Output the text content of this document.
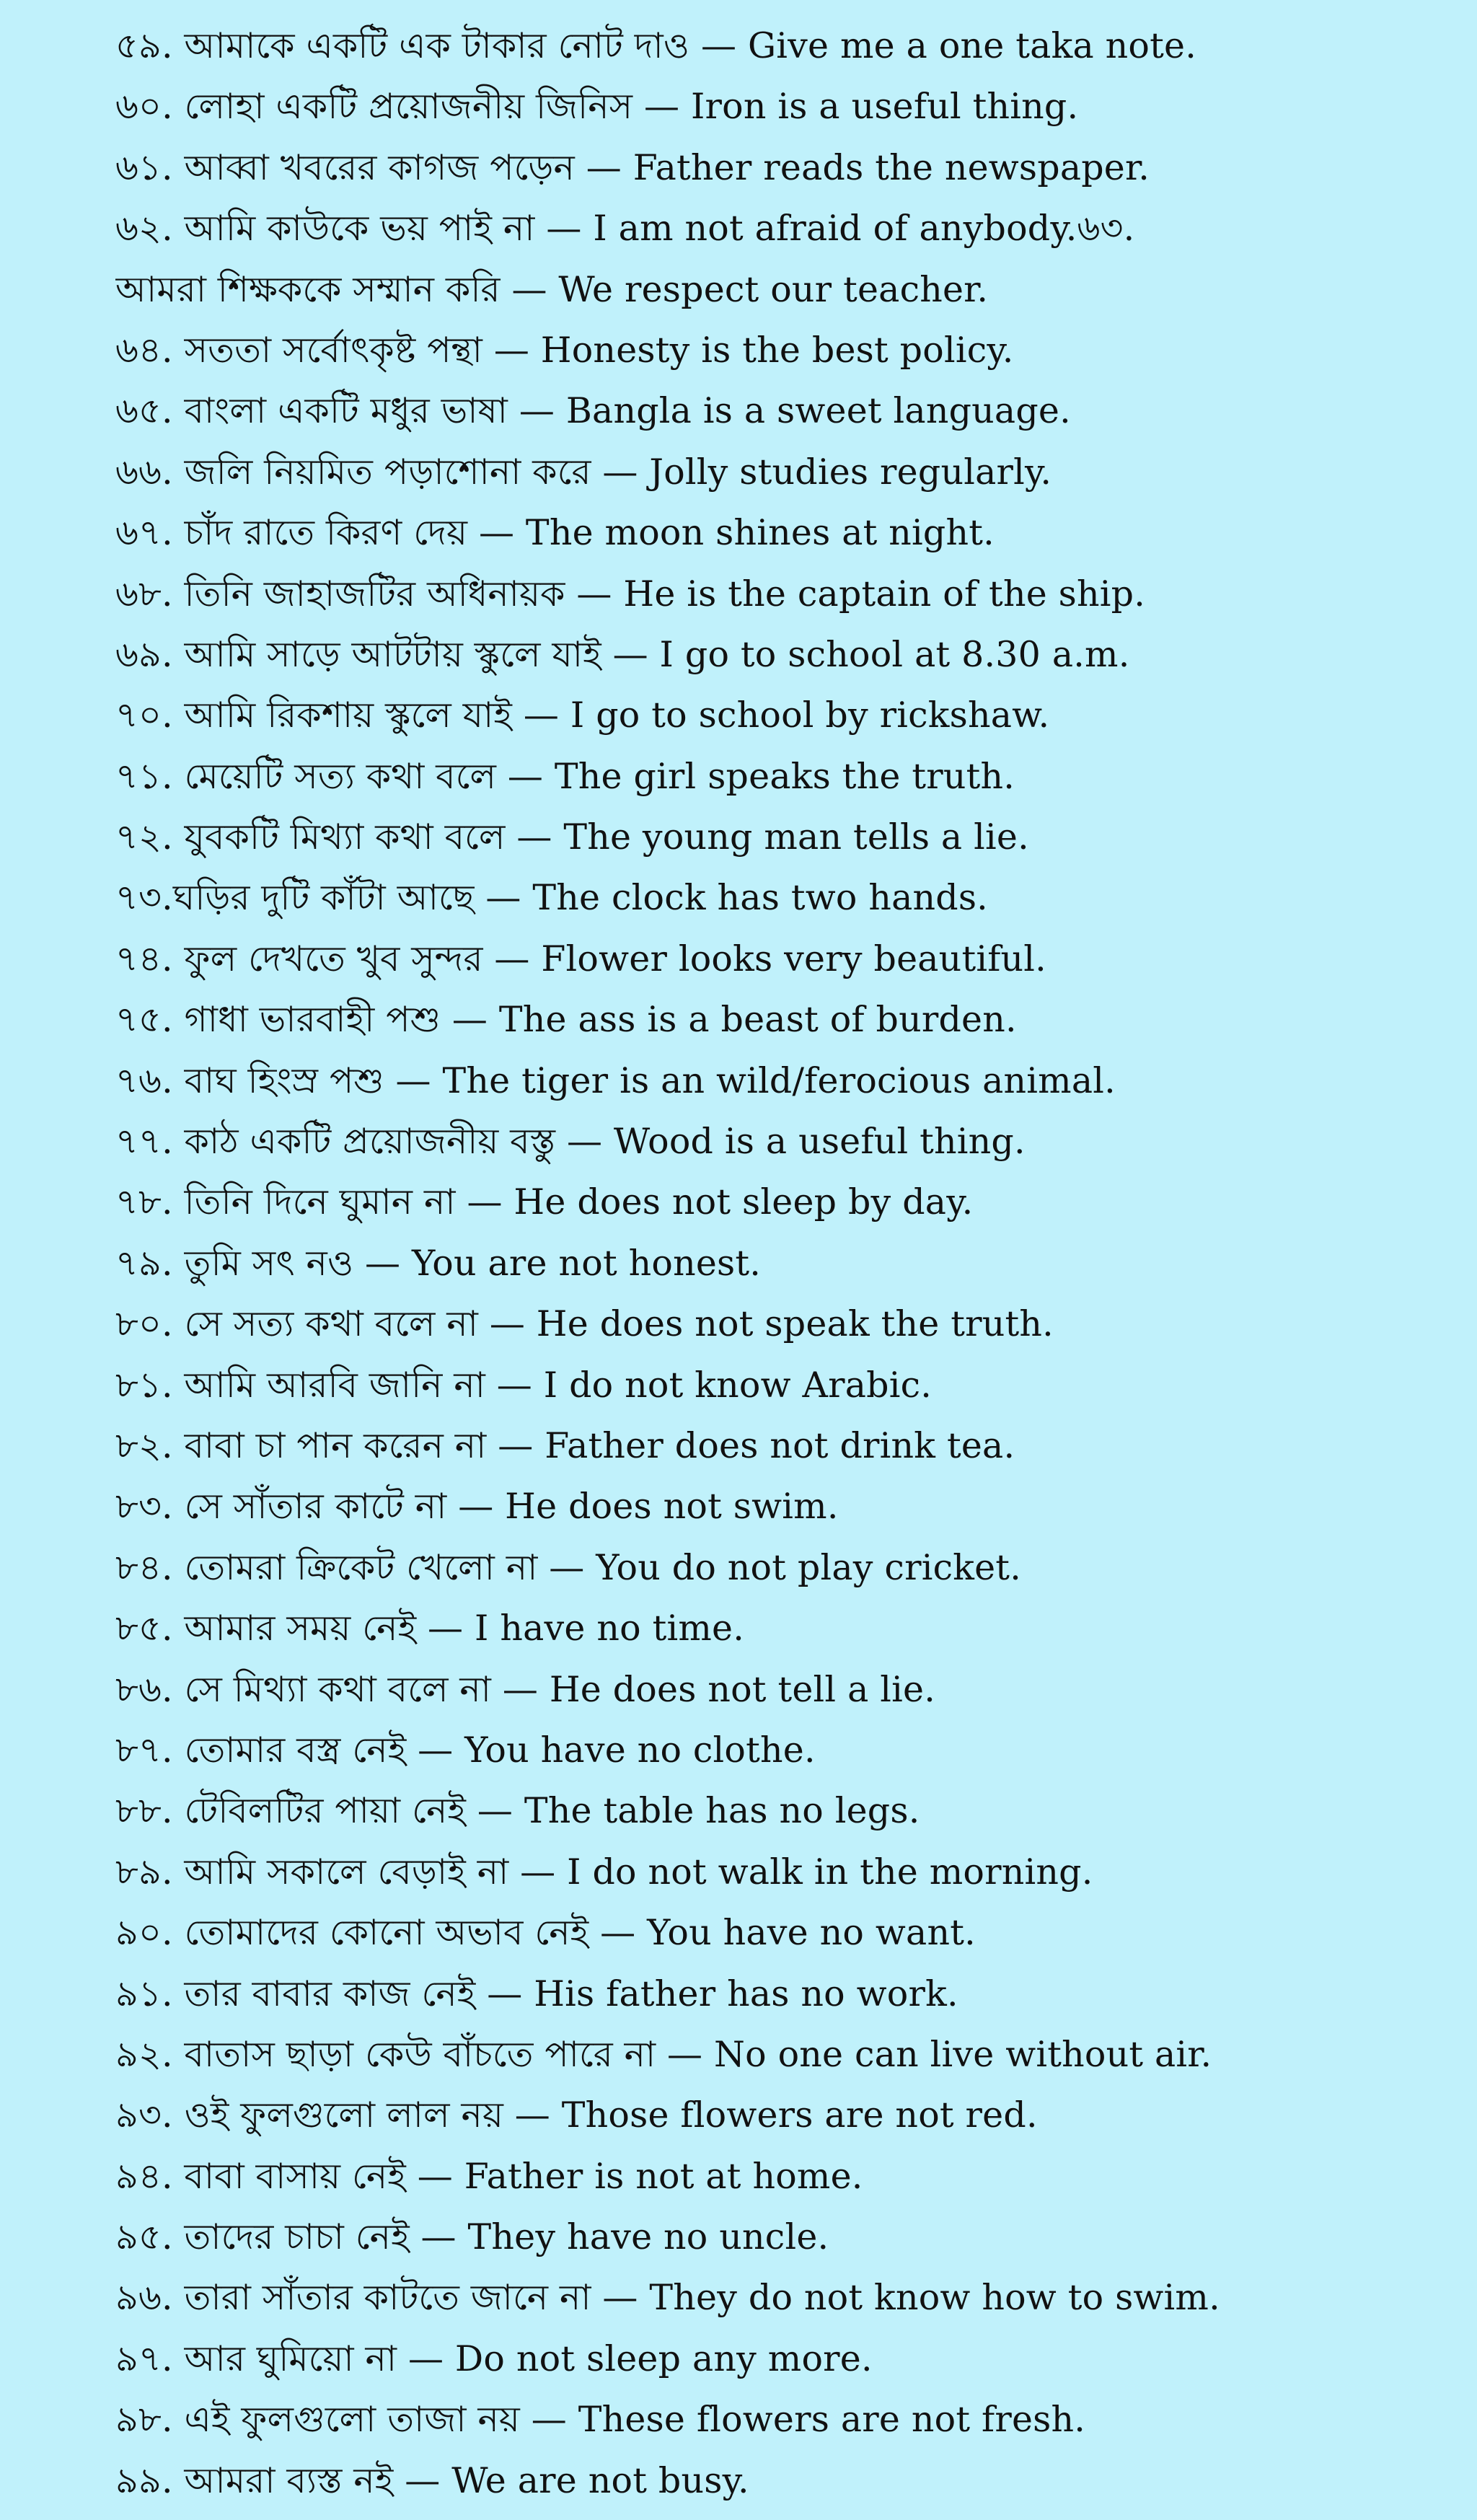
৫৯. আমাকে একটি এক টাকার নোট দাও — Give me a one taka note.
৬০. লোহা একটি প্রয়োজনীয় জিনিস — Iron is a useful thing.
৬১. আব্বা খবরের কাগজ পড়েন — Father reads the newspaper.
৬২. আমি কাউকে ভয় পাই না — I am not afraid of anybody.৬৩.
আমরা শিক্ষককে সম্মান করি — We respect our teacher.
৬৪. সততা সর্বোৎকৃষ্ট পন্থা — Honesty is the best policy.
৬৫. বাংলা একটি মধুর ভাষা — Bangla is a sweet language.
৬৬. জলি নিয়মিত পড়াশোনা করে — Jolly studies regularly.
৬৭. চাঁদ রাতে কিরণ দেয় — The moon shines at night.
৬৮. তিনি জাহাজটির অধিনায়ক — He is the captain of the ship.
৬৯. আমি সাড়ে আটটায় স্কুলে যাই — I go to school at 8.30 a.m.
৭০. আমি রিকশায় স্কুলে যাই — I go to school by rickshaw.
৭১. মেয়েটি সত্য কথা বলে — The girl speaks the truth.
৭২. যুবকটি মিথ্যা কথা বলে — The young man tells a lie.
৭৩.ঘড়ির দুটি কাঁটা আছে — The clock has two hands.
৭৪. ফুল দেখতে খুব সুন্দর — Flower looks very beautiful.
৭৫. গাধা ভারবাহী পশু — The ass is a beast of burden.
৭৬. বাঘ হিংস্র পশু — The tiger is an wild/ferocious animal.
৭৭. কাঠ একটি প্রয়োজনীয় বস্তু — Wood is a useful thing.
৭৮. তিনি দিনে ঘুমান না — He does not sleep by day.
৭৯. তুমি সৎ নও — You are not honest.
৮০. সে সত্য কথা বলে না — He does not speak the truth.
৮১. আমি আরবি জানি না — I do not know Arabic.
৮২. বাবা চা পান করেন না — Father does not drink tea.
৮৩. সে সাঁতার কাটে না — He does not swim.
৮৪. তোমরা ক্রিকেট খেলো না — You do not play cricket.
৮৫. আমার সময় নেই — I have no time.
৮৬. সে মিথ্যা কথা বলে না — He does not tell a lie.
৮৭. তোমার বস্ত্র নেই — You have no clothe.
৮৮. টেবিলটির পায়া নেই — The table has no legs.
৮৯. আমি সকালে বেড়াই না — I do not walk in the morning.
৯০. তোমাদের কোনো অভাব নেই — You have no want.
৯১. তার বাবার কাজ নেই — His father has no work.
৯২. বাতাস ছাড়া কেউ বাঁচতে পারে না — No one can live without air.
৯৩. ওই ফুলগুলো লাল নয় — Those flowers are not red.
৯৪. বাবা বাসায় নেই — Father is not at home.
৯৫. তাদের চাচা নেই — They have no uncle.
৯৬. তারা সাঁতার কাটতে জানে না — They do not know how to swim.
৯৭. আর ঘুমিয়ো না — Do not sleep any more.
৯৮. এই ফুলগুলো তাজা নয় — These flowers are not fresh.
৯৯. আমরা ব্যস্ত নই — We are not busy.
